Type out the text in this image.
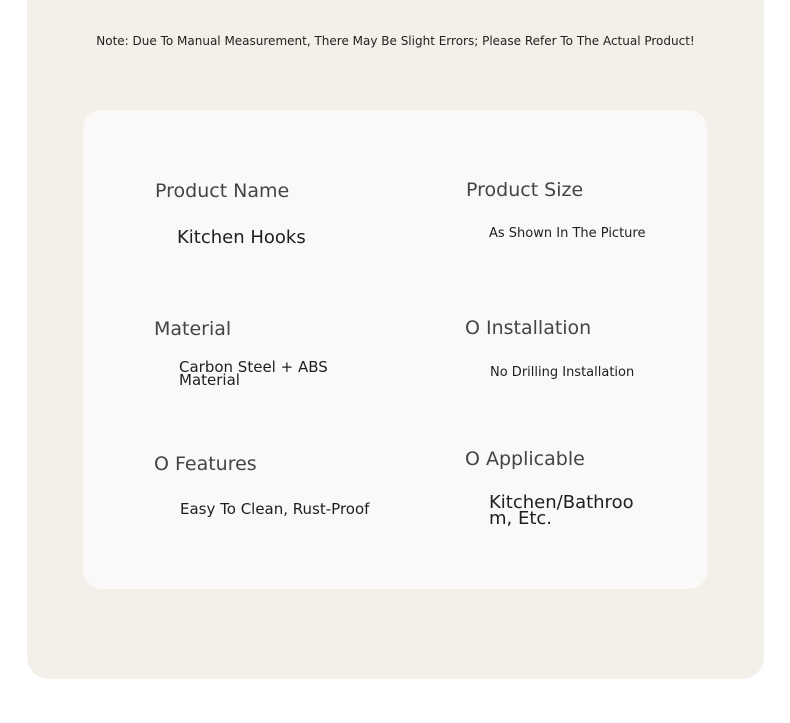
Note: Due To Manual Measurement, There May Be Slight Errors; Please Refer To The Actual Product!
Product Name
Kitchen Hooks
Product Size
As Shown In The Picture
Material
Carbon Steel + ABS
Material
O Installation
No Drilling Installation
O Features
Easy To Clean, Rust-Proof
O Applicable
Kitchen/Bathroo
m, Etc.
